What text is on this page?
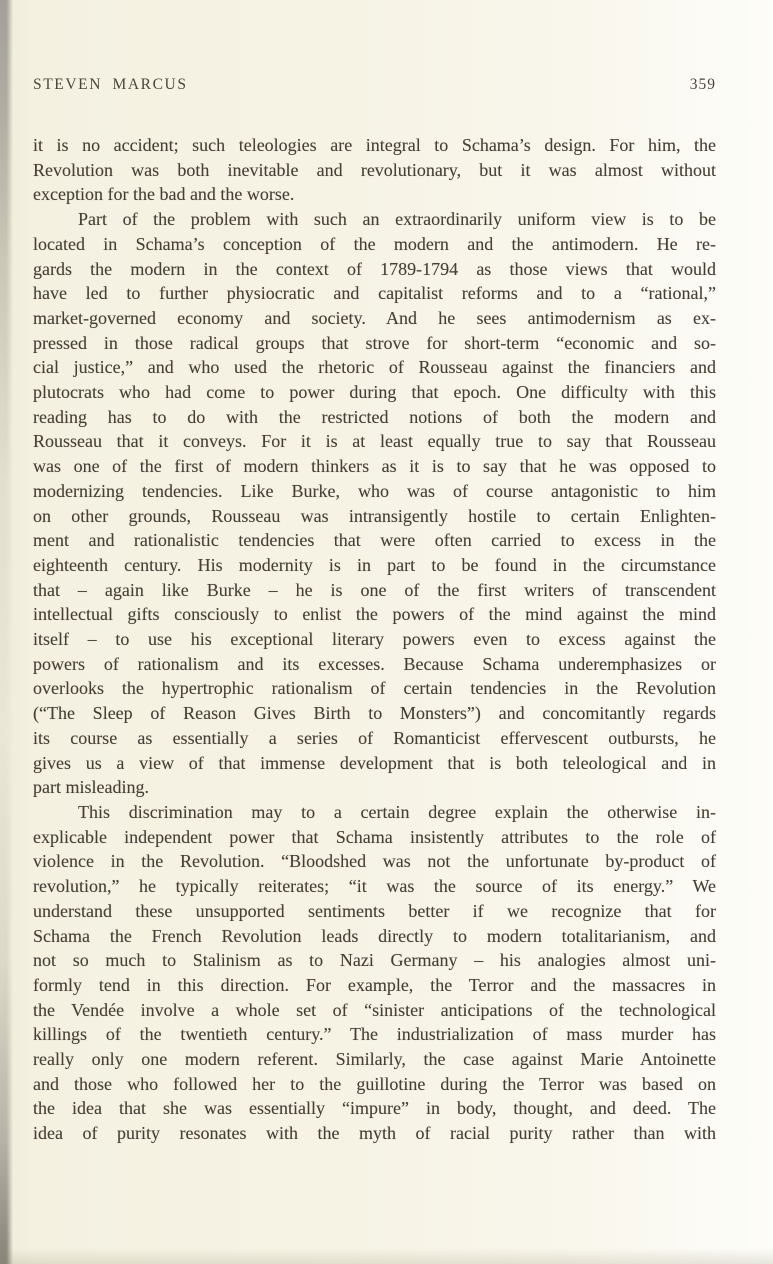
STEVEN MARCUS	359
it is no accident; such teleologies are integral to Schama’s design. For him, the
Revolution was both inevitable and revolutionary, but it was almost without
exception for the bad and the worse.
Part of the problem with such an extraordinarily uniform view is to be
located in Schama’s conception of the modern and the antimodern. He re-
gards the modern in the context of 1789-1794 as those views that would
have led to further physiocratic and capitalist reforms and to a “rational,”
market-governed economy and society. And he sees antimodernism as ex-
pressed in those radical groups that strove for short-term “economic and so-
cial justice,” and who used the rhetoric of Rousseau against the financiers and
plutocrats who had come to power during that epoch. One difficulty with this
reading has to do with the restricted notions of both the modern and
Rousseau that it conveys. For it is at least equally true to say that Rousseau
was one of the first of modern thinkers as it is to say that he was opposed to
modernizing tendencies. Like Burke, who was of course antagonistic to him
on other grounds, Rousseau was intransigently hostile to certain Enlighten-
ment and rationalistic tendencies that were often carried to excess in the
eighteenth century. His modernity is in part to be found in the circumstance
that – again like Burke – he is one of the first writers of transcendent
intellectual gifts consciously to enlist the powers of the mind against the mind
itself – to use his exceptional literary powers even to excess against the
powers of rationalism and its excesses. Because Schama underemphasizes or
overlooks the hypertrophic rationalism of certain tendencies in the Revolution
(“The Sleep of Reason Gives Birth to Monsters”) and concomitantly regards
its course as essentially a series of Romanticist effervescent outbursts, he
gives us a view of that immense development that is both teleological and in
part misleading.
This discrimination may to a certain degree explain the otherwise in-
explicable independent power that Schama insistently attributes to the role of
violence in the Revolution. “Bloodshed was not the unfortunate by-product of
revolution,” he typically reiterates; “it was the source of its energy.” We
understand these unsupported sentiments better if we recognize that for
Schama the French Revolution leads directly to modern totalitarianism, and
not so much to Stalinism as to Nazi Germany – his analogies almost uni-
formly tend in this direction. For example, the Terror and the massacres in
the Vendée involve a whole set of “sinister anticipations of the technological
killings of the twentieth century.” The industrialization of mass murder has
really only one modern referent. Similarly, the case against Marie Antoinette
and those who followed her to the guillotine during the Terror was based on
the idea that she was essentially “impure” in body, thought, and deed. The
idea of purity resonates with the myth of racial purity rather than with
